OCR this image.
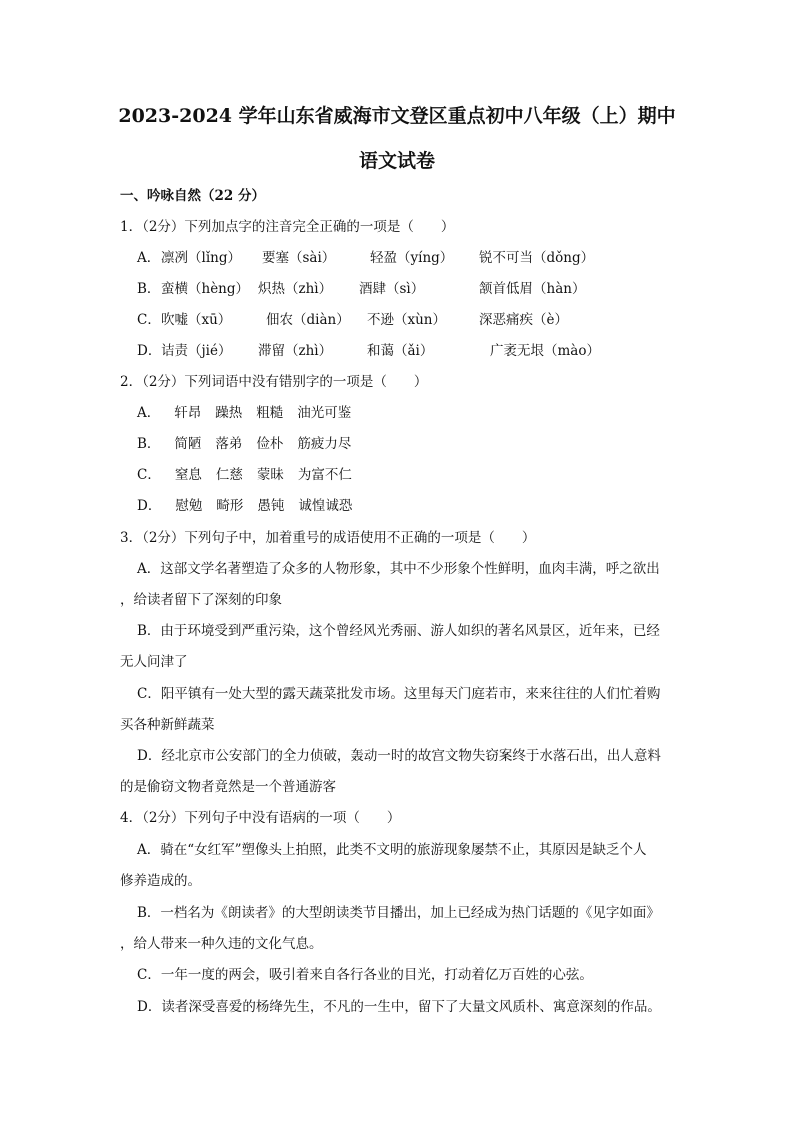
2023-2024 学年山东省威海市文登区重点初中八年级（上）期中
语文试卷
一、吟咏自然（22 分）
1．（2分）下列加点字的注音完全正确的一项是（　　）
A． 凛冽（lǐng） 要塞（sài）	轻盈（yíng） 锐不可当（dǒng）
B． 蛮横（hèng） 炽热（zhì） 酒肆（sì）	颔首低眉（hàn）
C． 吹嘘（xū）	佃农（diàn） 不逊（xùn） 深恶痛疾（è）
D． 诘责（jié） 滞留（zhì）	和蔼（ǎi）	广袤无垠（mào）
2．（2分）下列词语中没有错别字的一项是（　　）
A． 轩昂 躁热 粗糙 油光可鉴
B． 简陋 落弟 俭朴 筋疲力尽
C． 窒息 仁慈 蒙昧 为富不仁
D． 慰勉 畸形 愚钝 诚惶诚恐
3．（2分）下列句子中，加着重号的成语使用不正确的一项是（　　）
A．这部文学名著塑造了众多的人物形象，其中不少形象个性鲜明，血肉丰满，呼之欲出
，给读者留下了深刻的印象
B．由于环境受到严重污染，这个曾经风光秀丽、游人如织的著名风景区，近年来，已经
无人问津了
C．阳平镇有一处大型的露天蔬菜批发市场。这里每天门庭若市，来来往往的人们忙着购
买各种新鲜蔬菜
D．经北京市公安部门的全力侦破，轰动一时的故宫文物失窃案终于水落石出，出人意料
的是偷窃文物者竟然是一个普通游客
4．（2分）下列句子中没有语病的一项（　　）
A．骑在“女红军”塑像头上拍照，此类不文明的旅游现象屡禁不止，其原因是缺乏个人
修养造成的。
B．一档名为《朗读者》的大型朗读类节目播出，加上已经成为热门话题的《见字如面》
，给人带来一种久违的文化气息。
C．一年一度的两会，吸引着来自各行各业的目光，打动着亿万百姓的心弦。
D．读者深受喜爱的杨绛先生，不凡的一生中，留下了大量文风质朴、寓意深刻的作品。
